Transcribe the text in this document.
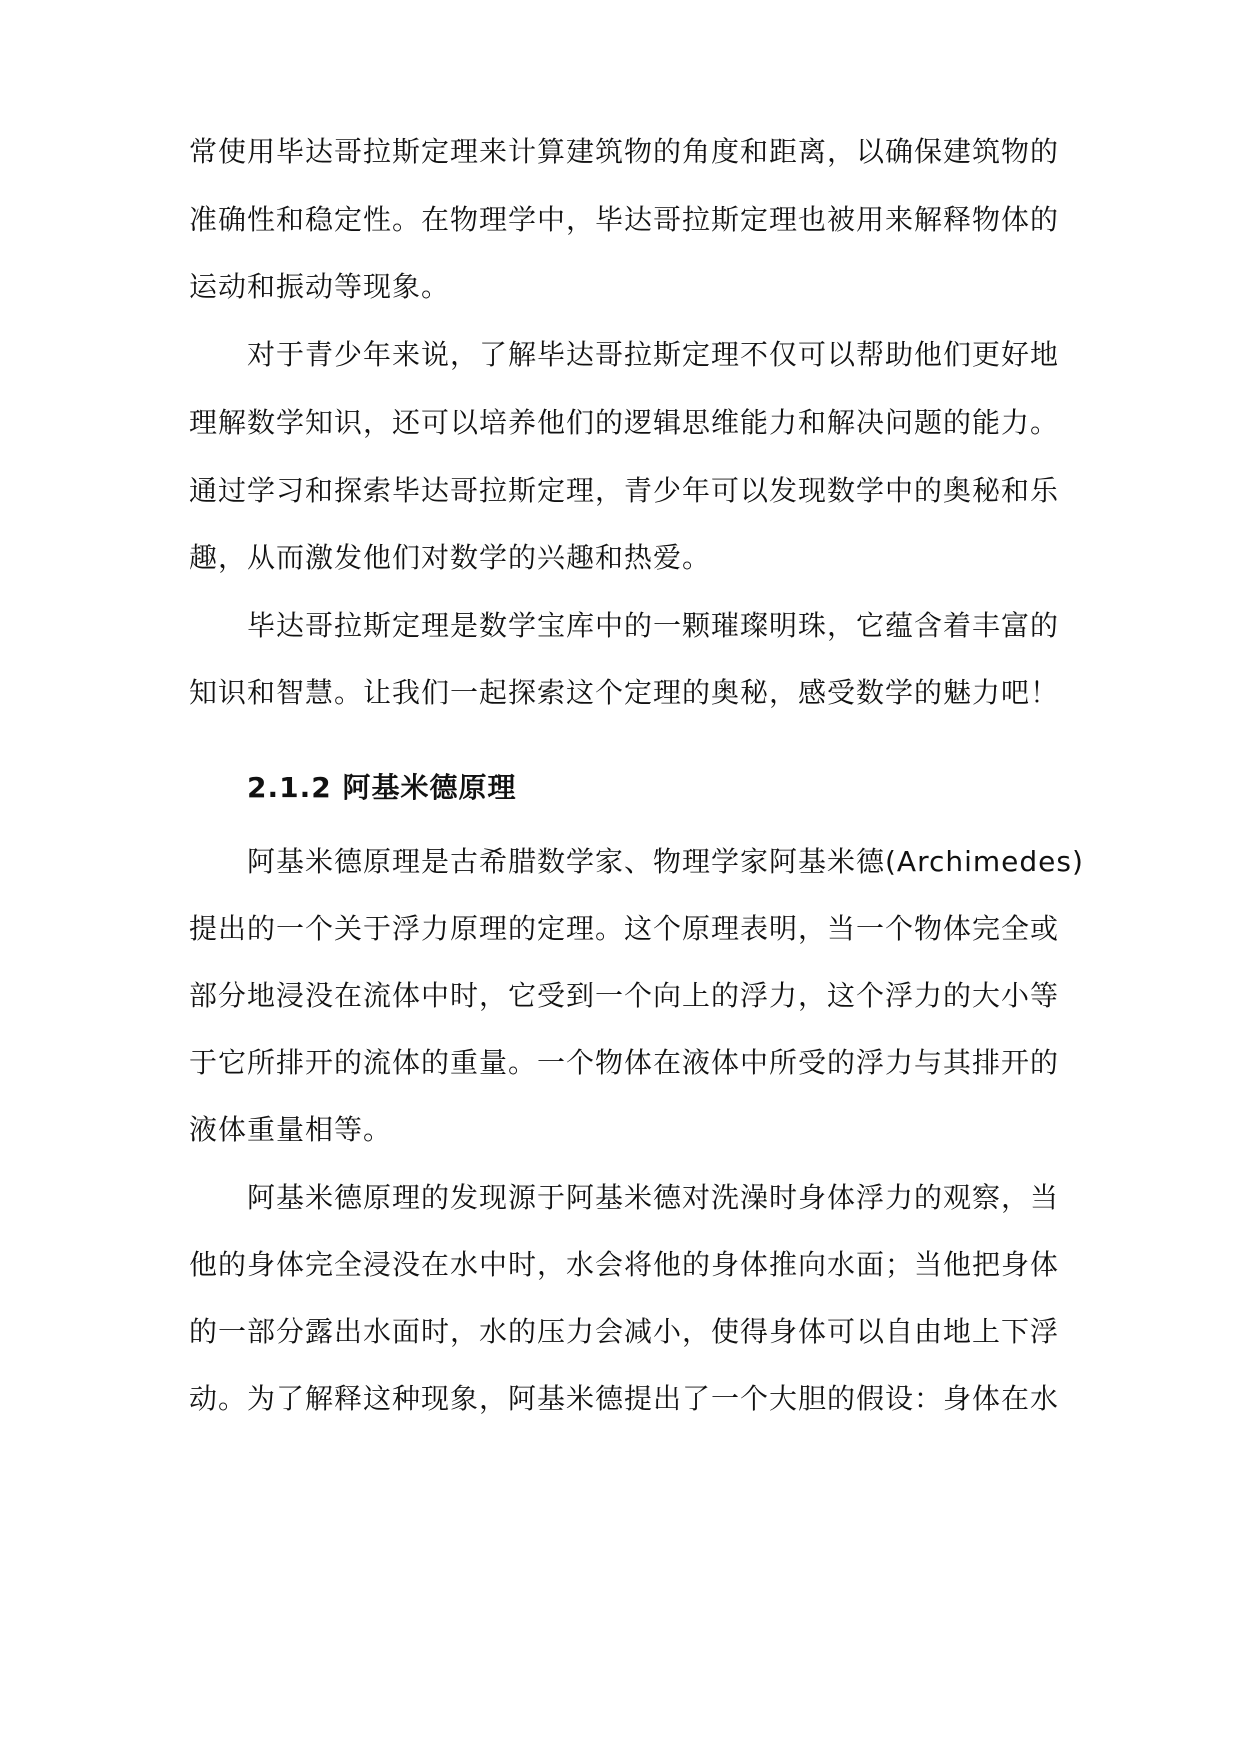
常使用毕达哥拉斯定理来计算建筑物的角度和距离，以确保建筑物的
准确性和稳定性。在物理学中，毕达哥拉斯定理也被用来解释物体的
运动和振动等现象。
对于青少年来说，了解毕达哥拉斯定理不仅可以帮助他们更好地
理解数学知识，还可以培养他们的逻辑思维能力和解决问题的能力。
通过学习和探索毕达哥拉斯定理，青少年可以发现数学中的奥秘和乐
趣，从而激发他们对数学的兴趣和热爱。
毕达哥拉斯定理是数学宝库中的一颗璀璨明珠，它蕴含着丰富的
知识和智慧。让我们一起探索这个定理的奥秘，感受数学的魅力吧！
2.1.2 阿基米德原理
阿基米德原理是古希腊数学家、物理学家阿基米德(Archimedes)
提出的一个关于浮力原理的定理。这个原理表明，当一个物体完全或
部分地浸没在流体中时，它受到一个向上的浮力，这个浮力的大小等
于它所排开的流体的重量。一个物体在液体中所受的浮力与其排开的
液体重量相等。
阿基米德原理的发现源于阿基米德对洗澡时身体浮力的观察，当
他的身体完全浸没在水中时，水会将他的身体推向水面；当他把身体
的一部分露出水面时，水的压力会减小，使得身体可以自由地上下浮
动。为了解释这种现象，阿基米德提出了一个大胆的假设：身体在水
